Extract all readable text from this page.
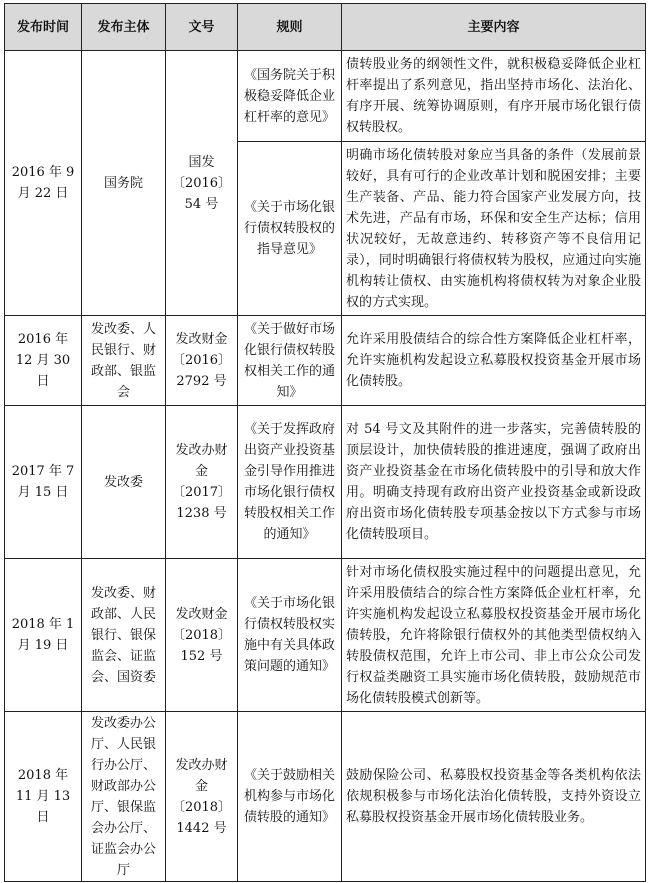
发布时间	发布主体	文号	规则	主要内容
2016 年 9 月 22 日	国务院	国发〔2016〕54 号	《国务院关于积极稳妥降低企业杠杆率的意见》	债转股业务的纲领性文件，就积极稳妥降低企业杠杆率提出了系列意见，指出坚持市场化、法治化、有序开展、统筹协调原则，有序开展市场化银行债权转股权。
			《关于市场化银行债权转股权的指导意见》	明确市场化债转股对象应当具备的条件（发展前景较好，具有可行的企业改革计划和脱困安排；主要生产装备、产品、能力符合国家产业发展方向，技术先进，产品有市场，环保和安全生产达标；信用状况较好，无故意违约、转移资产等不良信用记录），同时明确银行将债权转为股权，应通过向实施机构转让债权、由实施机构将债权转为对象企业股权的方式实现。
2016 年 12 月 30 日	发改委、人民银行、财政部、银监会	发改财金〔2016〕2792 号	《关于做好市场化银行债权转股权相关工作的通知》	允许采用股债结合的综合性方案降低企业杠杆率，允许实施机构发起设立私募股权投资基金开展市场化债转股。
2017 年 7 月 15 日	发改委	发改办财金〔2017〕1238 号	《关于发挥政府出资产业投资基金引导作用推进市场化银行债权转股权相关工作的通知》	对 54 号文及其附件的进一步落实，完善债转股的顶层设计，加快债转股的推进速度，强调了政府出资产业投资基金在市场化债转股中的引导和放大作用。明确支持现有政府出资产业投资基金或新设政府出资市场化债转股专项基金按以下方式参与市场化债转股项目。
2018 年 1 月 19 日	发改委、财政部、人民银行、银保监会、证监会、国资委	发改财金〔2018〕152 号	《关于市场化银行债权转股权实施中有关具体政策问题的通知》	针对市场化债权股实施过程中的问题提出意见，允许采用股债结合的综合性方案降低企业杠杆率，允许实施机构发起设立私募股权投资基金开展市场化债转股，允许将除银行债权外的其他类型债权纳入转股债权范围，允许上市公司、非上市公众公司发行权益类融资工具实施市场化债转股，鼓励规范市场化债转股模式创新等。
2018 年 11 月 13 日	发改委办公厅、人民银行办公厅、财政部办公厅、银保监会办公厅、证监会办公厅	发改办财金〔2018〕1442 号	《关于鼓励相关机构参与市场化债转股的通知》	鼓励保险公司、私募股权投资基金等各类机构依法依规积极参与市场化法治化债转股，支持外资设立私募股权投资基金开展市场化债转股业务。
